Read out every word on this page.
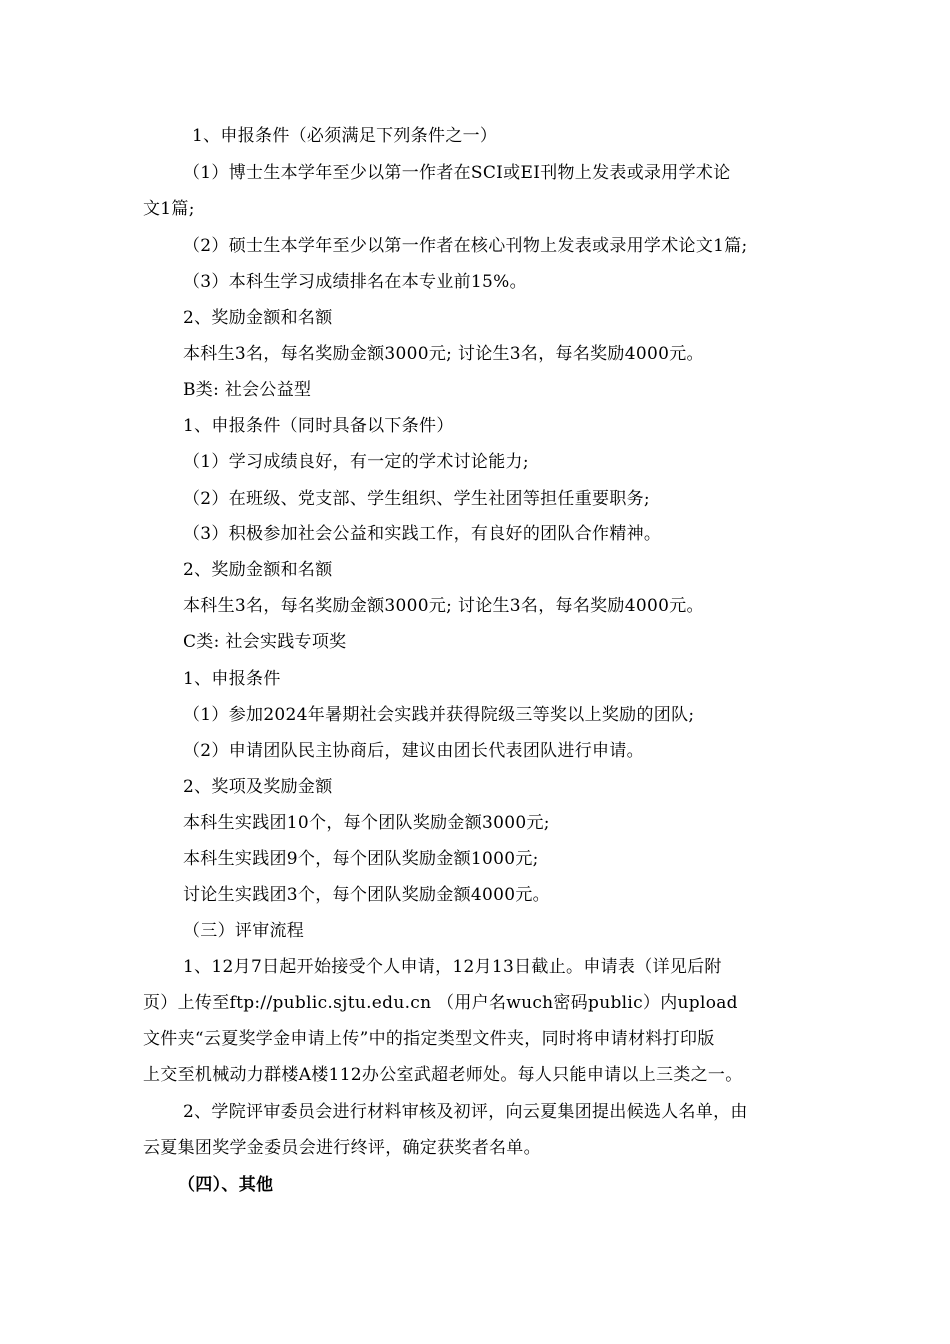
1、申报条件（必须满足下列条件之一）
（1）博士生本学年至少以第一作者在SCI或EI刊物上发表或录用学术论
文1篇;
（2）硕士生本学年至少以第一作者在核心刊物上发表或录用学术论文1篇;
（3）本科生学习成绩排名在本专业前15%。
2、奖励金额和名额
本科生3名，每名奖励金额3000元; 讨论生3名，每名奖励4000元。
B类: 社会公益型
1、申报条件（同时具备以下条件）
（1）学习成绩良好，有一定的学术讨论能力;
（2）在班级、党支部、学生组织、学生社团等担任重要职务;
（3）积极参加社会公益和实践工作，有良好的团队合作精神。
2、奖励金额和名额
本科生3名，每名奖励金额3000元; 讨论生3名，每名奖励4000元。
C类: 社会实践专项奖
1、申报条件
（1）参加2024年暑期社会实践并获得院级三等奖以上奖励的团队;
（2）申请团队民主协商后，建议由团长代表团队进行申请。
2、奖项及奖励金额
本科生实践团10个，每个团队奖励金额3000元;
本科生实践团9个，每个团队奖励金额1000元;
讨论生实践团3个，每个团队奖励金额4000元。
（三）评审流程
1、12月7日起开始接受个人申请，12月13日截止。申请表（详见后附
页）上传至ftp://public.sjtu.edu.cn （用户名wuch密码public）内upload
文件夹“云夏奖学金申请上传”中的指定类型文件夹，同时将申请材料打印版
上交至机械动力群楼A楼112办公室武超老师处。每人只能申请以上三类之一。
2、学院评审委员会进行材料审核及初评，向云夏集团提出候选人名单，由
云夏集团奖学金委员会进行终评，确定获奖者名单。
（四）、其他
